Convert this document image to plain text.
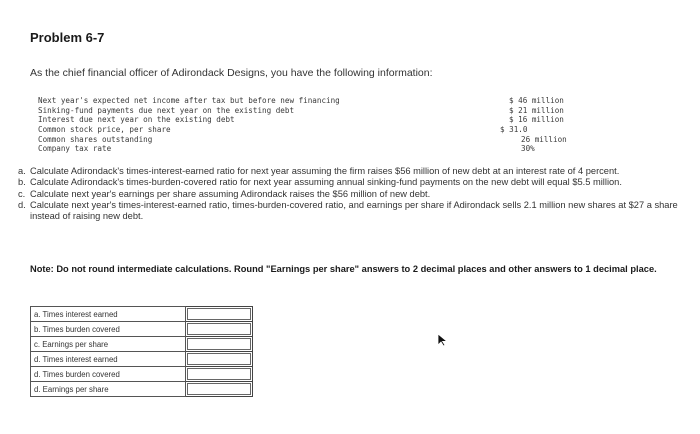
Problem 6-7
As the chief financial officer of Adirondack Designs, you have the following information:
Next year's expected net income after tax but before new financing	$ 46 million
Sinking-fund payments due next year on the existing debt	$ 21 million
Interest due next year on the existing debt	$ 16 million
Common stock price, per share	$ 31.0
Common shares outstanding	26 million
Company tax rate	30%
a. Calculate Adirondack's times-interest-earned ratio for next year assuming the firm raises $56 million of new debt at an interest rate of 4 percent.
b. Calculate Adirondack's times-burden-covered ratio for next year assuming annual sinking-fund payments on the new debt will equal $5.5 million.
c. Calculate next year's earnings per share assuming Adirondack raises the $56 million of new debt.
d. Calculate next year's times-interest-earned ratio, times-burden-covered ratio, and earnings per share if Adirondack sells 2.1 million new shares at $27 a share instead of raising new debt.
Note: Do not round intermediate calculations. Round "Earnings per share" answers to 2 decimal places and other answers to 1 decimal place.
a. Times interest earned	

b. Times burden covered	

c. Earnings per share	

d. Times interest earned	

d. Times burden covered	

d. Earnings per share	
